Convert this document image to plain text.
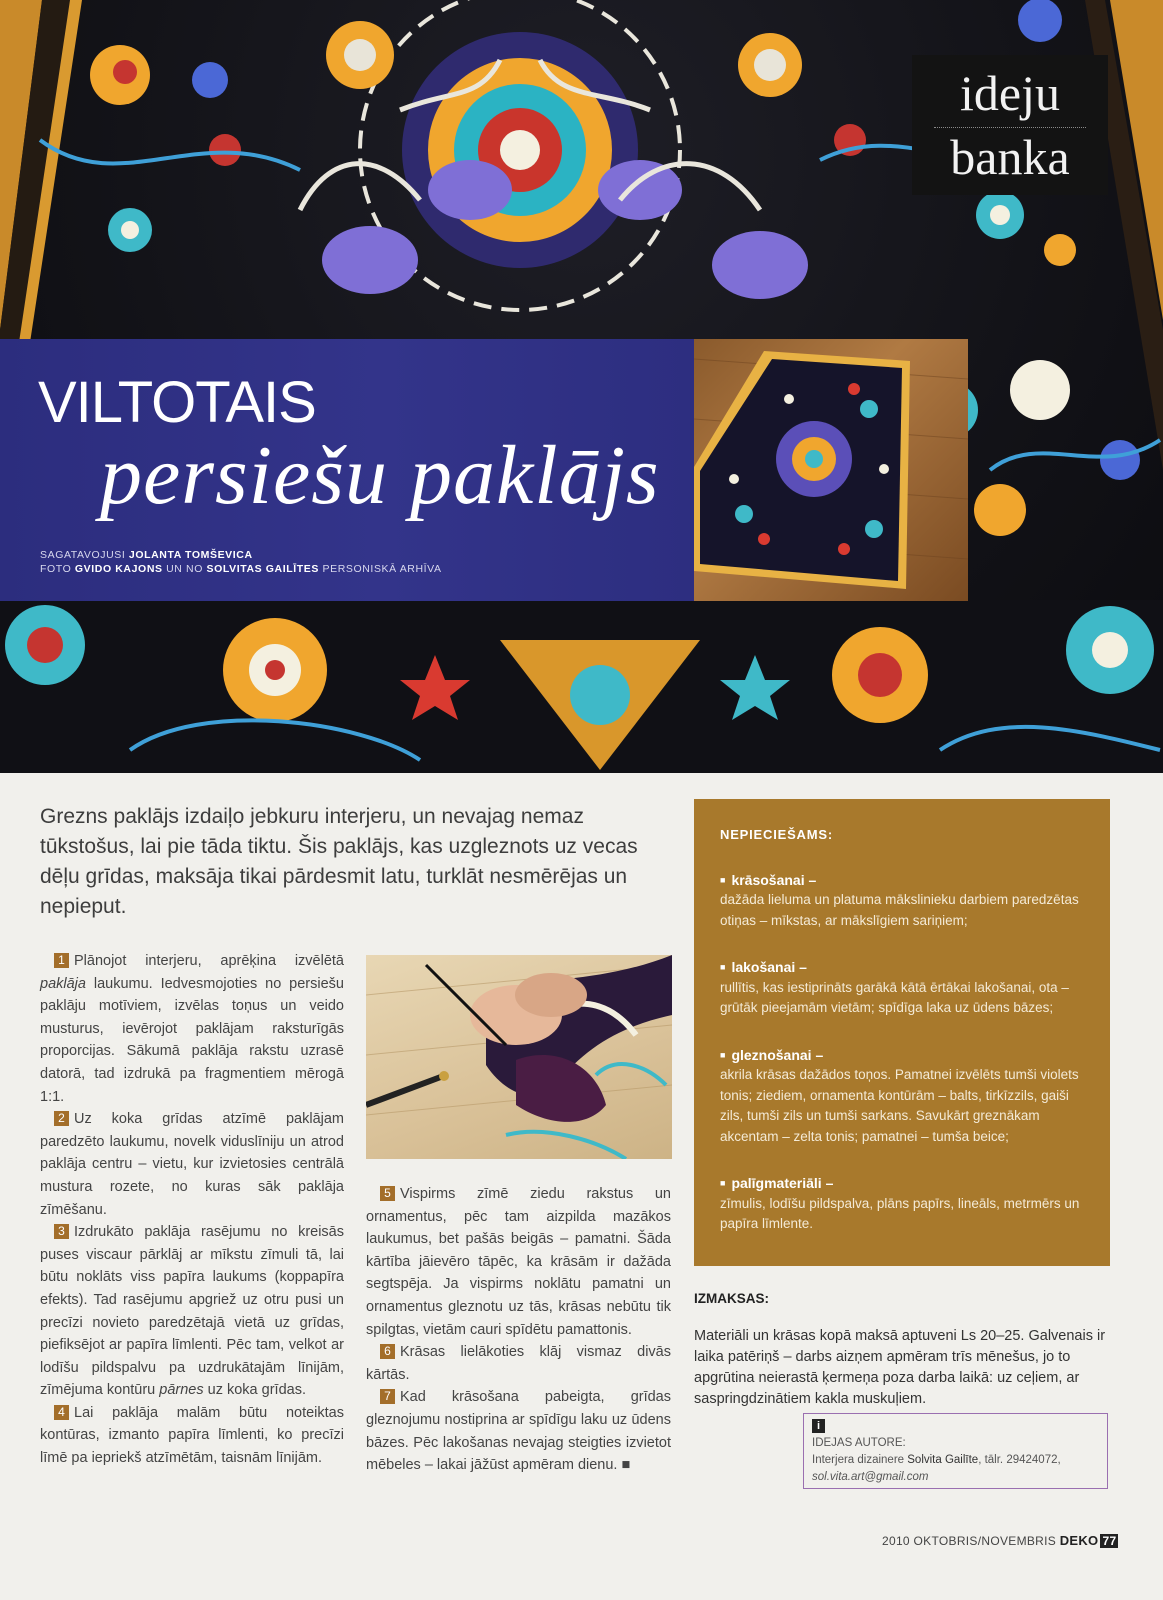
ideju
banka
VILTOTAIS
persiešu paklājs
SAGATAVOJUSI JOLANTA TOMŠEVICA
FOTO GVIDO KAJONS UN NO SOLVITAS GAILĪTES PERSONISKĀ ARHĪVA
Grezns paklājs izdaiļo jebkuru interjeru, un nevajag nemaz tūkstošus, lai pie tāda tiktu. Šis paklājs, kas uzgleznots uz vecas dēļu grīdas, maksāja tikai pārdesmit latu, turklāt nesmērējas un nepieput.

1 Plānojot interjeru, aprēķina izvēlētā paklāja laukumu. Iedvesmojoties no persiešu paklāju motīviem, izvēlas toņus un veido musturus, ievērojot paklājam raksturīgās proporcijas. Sākumā paklāja rakstu uzrasē datorā, tad izdrukā pa fragmentiem mērogā 1:1.

2 Uz koka grīdas atzīmē paklājam paredzēto laukumu, novelk viduslīniju un atrod paklāja centru – vietu, kur izvietosies centrālā mustura rozete, no kuras sāk paklāja zīmēšanu.

3 Izdrukāto paklāja rasējumu no kreisās puses viscaur pārklāj ar mīkstu zīmuli tā, lai būtu noklāts viss papīra laukums (koppapīra efekts). Tad rasējumu apgriež uz otru pusi un precīzi novieto paredzētajā vietā uz grīdas, piefiksējot ar papīra līmlenti. Pēc tam, velkot ar lodīšu pildspalvu pa uzdrukātajām līnijām, zīmējuma kontūru pārnes uz koka grīdas.

4 Lai paklāja malām būtu noteiktas kontūras, izmanto papīra līmlenti, ko precīzi līmē pa iepriekš atzīmētām, taisnām līnijām.

5 Vispirms zīmē ziedu rakstus un ornamentus, pēc tam aizpilda mazākos laukumus, bet pašās beigās – pamatni. Šāda kārtība jāievēro tāpēc, ka krāsām ir dažāda segtspēja. Ja vispirms noklātu pamatni un ornamentus gleznotu uz tās, krāsas nebūtu tik spilgtas, vietām cauri spīdētu pamattonis.

6 Krāsas lielākoties klāj vismaz divās kārtās.

7 Kad krāsošana pabeigta, grīdas gleznojumu nostiprina ar spīdīgu laku uz ūdens bāzes. Pēc lakošanas nevajag steigties izvietot mēbeles – lakai jāžūst apmēram dienu. ■

NEPIECIEŠAMS:
■ krāsošanai –
dažāda lieluma un platuma mākslinieku darbiem paredzētas otiņas – mīkstas, ar mākslīgiem sariņiem;
■ lakošanai –
rullītis, kas iestiprināts garākā kātā ērtākai lakošanai, ota – grūtāk pieejamām vietām; spīdīga laka uz ūdens bāzes;
■ gleznošanai –
akrila krāsas dažādos toņos. Pamatnei izvēlēts tumši violets tonis; ziediem, ornamenta kontūrām – balts, tirkīzzils, gaiši zils, tumši zils un tumši sarkans. Savukārt greznākam akcentam – zelta tonis; pamatnei – tumša beice;
■ palīgmateriāli –
zīmulis, lodīšu pildspalva, plāns papīrs, lineāls, metrmērs un papīra līmlente.
IZMAKSAS:
Materiāli un krāsas kopā maksā aptuveni Ls 20–25. Galvenais ir laika patēriņš – darbs aizņem apmēram trīs mēnešus, jo to apgrūtina neierastā ķermeņa poza darba laikā: uz ceļiem, ar saspringdzinātiem kakla muskuļiem.
i
IDEJAS AUTORE:
Interjera dizainere Solvita Gailīte, tālr. 29424072,
sol.vita.art@gmail.com
2010 OKTOBRIS/NOVEMBRIS DEKO 77
